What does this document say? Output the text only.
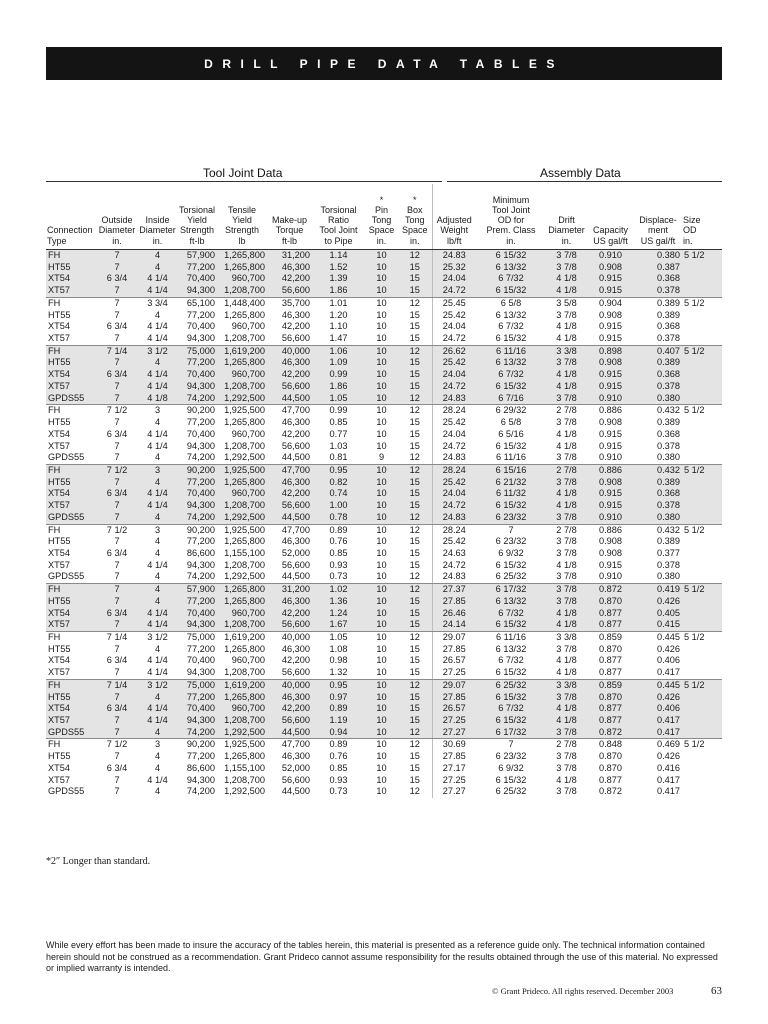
DRILL PIPE DATA TABLES
Tool Joint Data	Assembly Data
Connection
Type	Outside
Diameter
in.	Inside
Diameter
in.	Torsional
Yield
Strength
ft-lb	Tensile
Yield
Strength
lb	Make-up
Torque
ft-lb	Torsional
Ratio
Tool Joint
to Pipe	*
Pin
Tong
Space
in.	*
Box
Tong
Space
in.	Adjusted
Weight
lb/ft	Minimum
Tool Joint
OD for
Prem. Class
in.	Drift
Diameter
in.	Capacity
US gal/ft	Displace-
ment
US gal/ft	Size
OD
in.
FH	7	4	57,900	1,265,800	31,200	1.14	10	12	24.83	6 15/32	3 7/8	0.910	0.380	5 1/2
HT55	7	4	77,200	1,265,800	46,300	1.52	10	15	25.32	6 13/32	3 7/8	0.908	0.387	
XT54	6 3/4	4 1/4	70,400	960,700	42,200	1.39	10	15	24.04	6 7/32	4 1/8	0.915	0.368	
XT57	7	4 1/4	94,300	1,208,700	56,600	1.86	10	15	24.72	6 15/32	4 1/8	0.915	0.378	
FH	7	3 3/4	65,100	1,448,400	35,700	1.01	10	12	25.45	6 5/8	3 5/8	0.904	0.389	5 1/2
HT55	7	4	77,200	1,265,800	46,300	1.20	10	15	25.42	6 13/32	3 7/8	0.908	0.389	
XT54	6 3/4	4 1/4	70,400	960,700	42,200	1.10	10	15	24.04	6 7/32	4 1/8	0.915	0.368	
XT57	7	4 1/4	94,300	1,208,700	56,600	1.47	10	15	24.72	6 15/32	4 1/8	0.915	0.378	
FH	7 1/4	3 1/2	75,000	1,619,200	40,000	1.06	10	12	26.62	6 11/16	3 3/8	0.898	0.407	5 1/2
HT55	7	4	77,200	1,265,800	46,300	1.09	10	15	25.42	6 13/32	3 7/8	0.908	0.389	
XT54	6 3/4	4 1/4	70,400	960,700	42,200	0.99	10	15	24.04	6 7/32	4 1/8	0.915	0.368	
XT57	7	4 1/4	94,300	1,208,700	56,600	1.86	10	15	24.72	6 15/32	4 1/8	0.915	0.378	
GPDS55	7	4 1/8	74,200	1,292,500	44,500	1.05	10	12	24.83	6 7/16	3 7/8	0.910	0.380	
FH	7 1/2	3	90,200	1,925,500	47,700	0.99	10	12	28.24	6 29/32	2 7/8	0.886	0.432	5 1/2
HT55	7	4	77,200	1,265,800	46,300	0.85	10	15	25.42	6 5/8	3 7/8	0.908	0.389	
XT54	6 3/4	4 1/4	70,400	960,700	42,200	0.77	10	15	24.04	6 5/16	4 1/8	0.915	0.368	
XT57	7	4 1/4	94,300	1,208,700	56,600	1.03	10	15	24.72	6 15/32	4 1/8	0.915	0.378	
GPDS55	7	4	74,200	1,292,500	44,500	0.81	9	12	24.83	6 11/16	3 7/8	0.910	0.380	
FH	7 1/2	3	90,200	1,925,500	47,700	0.95	10	12	28.24	6 15/16	2 7/8	0.886	0.432	5 1/2
HT55	7	4	77,200	1,265,800	46,300	0.82	10	15	25.42	6 21/32	3 7/8	0.908	0.389	
XT54	6 3/4	4 1/4	70,400	960,700	42,200	0.74	10	15	24.04	6 11/32	4 1/8	0.915	0.368	
XT57	7	4 1/4	94,300	1,208,700	56,600	1.00	10	15	24.72	6 15/32	4 1/8	0.915	0.378	
GPDS55	7	4	74,200	1,292,500	44,500	0.78	10	12	24.83	6 23/32	3 7/8	0.910	0.380	
FH	7 1/2	3	90,200	1,925,500	47,700	0.89	10	12	28.24	7	2 7/8	0.886	0.432	5 1/2
HT55	7	4	77,200	1,265,800	46,300	0.76	10	15	25.42	6 23/32	3 7/8	0.908	0.389	
XT54	6 3/4	4	86,600	1,155,100	52,000	0.85	10	15	24.63	6 9/32	3 7/8	0.908	0.377	
XT57	7	4 1/4	94,300	1,208,700	56,600	0.93	10	15	24.72	6 15/32	4 1/8	0.915	0.378	
GPDS55	7	4	74,200	1,292,500	44,500	0.73	10	12	24.83	6 25/32	3 7/8	0.910	0.380	
FH	7	4	57,900	1,265,800	31,200	1.02	10	12	27.37	6 17/32	3 7/8	0.872	0.419	5 1/2
HT55	7	4	77,200	1,265,800	46,300	1.36	10	15	27.85	6 13/32	3 7/8	0.870	0.426	
XT54	6 3/4	4 1/4	70,400	960,700	42,200	1.24	10	15	26.46	6 7/32	4 1/8	0.877	0.405	
XT57	7	4 1/4	94,300	1,208,700	56,600	1.67	10	15	24.14	6 15/32	4 1/8	0.877	0.415	
FH	7 1/4	3 1/2	75,000	1,619,200	40,000	1.05	10	12	29.07	6 11/16	3 3/8	0.859	0.445	5 1/2
HT55	7	4	77,200	1,265,800	46,300	1.08	10	15	27.85	6 13/32	3 7/8	0.870	0.426	
XT54	6 3/4	4 1/4	70,400	960,700	42,200	0.98	10	15	26.57	6 7/32	4 1/8	0.877	0.406	
XT57	7	4 1/4	94,300	1,208,700	56,600	1.32	10	15	27.25	6 15/32	4 1/8	0.877	0.417	
FH	7 1/4	3 1/2	75,000	1,619,200	40,000	0.95	10	12	29.07	6 25/32	3 3/8	0.859	0.445	5 1/2
HT55	7	4	77,200	1,265,800	46,300	0.97	10	15	27.85	6 15/32	3 7/8	0.870	0.426	
XT54	6 3/4	4 1/4	70,400	960,700	42,200	0.89	10	15	26.57	6 7/32	4 1/8	0.877	0.406	
XT57	7	4 1/4	94,300	1,208,700	56,600	1.19	10	15	27.25	6 15/32	4 1/8	0.877	0.417	
GPDS55	7	4	74,200	1,292,500	44,500	0.94	10	12	27.27	6 17/32	3 7/8	0.872	0.417	
FH	7 1/2	3	90,200	1,925,500	47,700	0.89	10	12	30.69	7	2 7/8	0.848	0.469	5 1/2
HT55	7	4	77,200	1,265,800	46,300	0.76	10	15	27.85	6 23/32	3 7/8	0.870	0.426	
XT54	6 3/4	4	86,600	1,155,100	52,000	0.85	10	15	27.17	6 9/32	3 7/8	0.870	0.416	
XT57	7	4 1/4	94,300	1,208,700	56,600	0.93	10	15	27.25	6 15/32	4 1/8	0.877	0.417	
GPDS55	7	4	74,200	1,292,500	44,500	0.73	10	12	27.27	6 25/32	3 7/8	0.872	0.417	
*2″ Longer than standard.
While every effort has been made to insure the accuracy of the tables herein, this material is presented as a reference guide only. The technical information contained herein should not be construed as a recommendation. Grant Prideco cannot assume responsibility for the results obtained through the use of this material. No expressed or implied warranty is intended.
© Grant Prideco. All rights reserved. December 2003	63
